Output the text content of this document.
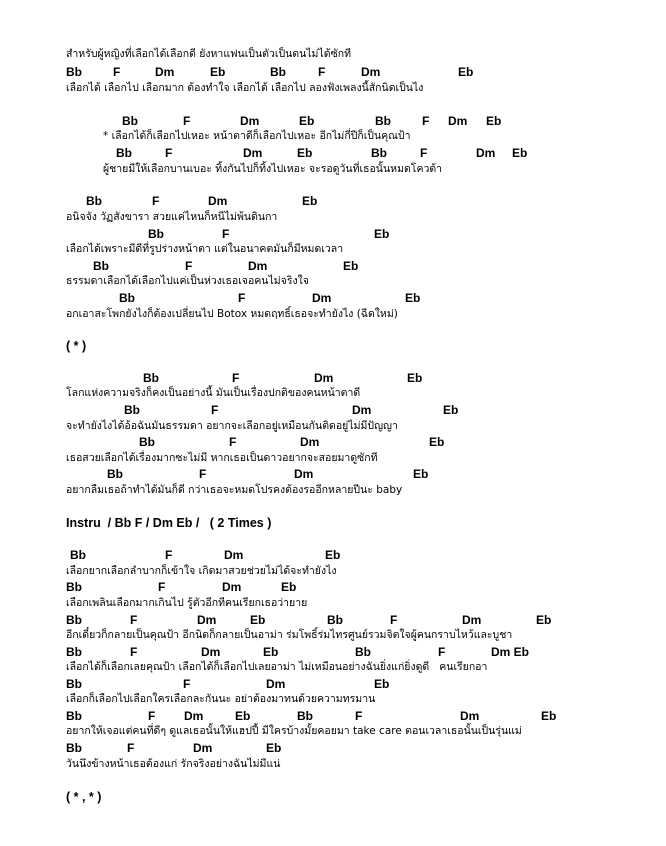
สำหรับผู้หญิงที่เลือกได้เลือกดี ยังหาแฟนเป็นตัวเป็นตนไม่ได้ซักที

Bb

	F

	Dm

	Eb

	Bb

	F

	Dm

	Eb

เลือกได้ เลือกไป เลือกมาก ต้องทำใจ เลือกได้ เลือกไป ลองฟังเพลงนี้สักนิดเป็นไง

Bb

	F

	Dm

	Eb

	Bb

	F

Dm

Eb

* เลือกได้ก็เลือกไปเหอะ หน้าตาดีก็เลือกไปเหอะ อีกไม่กี่ปีก็เป็นคุณป้า

Bb

	F

	Dm

	Eb

	Bb

	F

	Dm

Eb

ผู้ชายมีให้เลือกบานเบอะ ทิ้งกันไปก็ทิ้งไปเหอะ จะรอดูวันที่เธอนั้นหมดโควต้า

Bb

	F

	Dm

	Eb

อนิจจัง วัฏสังขารา สวยแค่ไหนก็หนีไม่พ้นดินกา

Bb

	F

	Eb

เลือกได้เพราะมีดีที่รูปร่างหน้าตา แต่ในอนาคตมันก็มีหมดเวลา

Bb

	F

	Dm

	Eb

ธรรมดาเลือกได้เลือกไปแค่เป็นห่วงเธอเจอคนไม่จริงใจ

Bb

	F

	Dm

	Eb

อกเอาสะโพกยังไงก็ต้องเปลี่ยนไป Botox หมดฤทธิ์เธอจะทำยังไง (ฉีดใหม่)
( * )

Bb

	F

	Dm

	Eb

โลกแห่งความจริงก็คงเป็นอย่างนี้ มันเป็นเรื่องปกติของคนหน้าตาดี

Bb

	F

	Dm

	Eb

จะทำยังไงได้อ้อฉันมันธรรมดา อยากจะเลือกอยู่เหมือนกันติดอยู่ไม่มีปัญญา

Bb

	F

	Dm

	Eb

เธอสวยเลือกได้เรื่องมากซะไม่มี หากเธอเป็นดาวอยากจะสอยมาดูซักที

Bb

	F

	Dm

	Eb

อยากลืมเธอถ้าทำได้มันก็ดี กว่าเธอจะหมดโปรคงต้องรออีกหลายปีนะ baby
Instru  / Bb F / Dm Eb /   ( 2 Times )

Bb

	F

	Dm

	Eb

เลือกยากเลือกลำบากก็เข้าใจ เกิดมาสวยช่วยไม่ได้จะทำยังไง

Bb

	F

	Dm

	Eb

เลือกเพลินเลือกมากเกินไป รู้ตัวอีกทีคนเรียกเธอว่ายาย

Bb

	F

	Dm

	Eb

	Bb

	F

	Dm

	Eb

อีกเดี๋ยวก็กลายเป็นคุณป้า อีกนิดก็กลายเป็นอาม่า ร่มโพธิ์ร่มไทรศูนย์รวมจิตใจผู้คนกราบไหว้และบูชา

Bb

	F

	Dm

	Eb

	Bb

	F

	Dm Eb

เลือกได้ก็เลือกเลยคุณป้า เลือกได้ก็เลือกไปเลยอาม่า ไม่เหมือนอย่างฉันยิ่งแก่ยิ่งดูดี   คนเรียกอา

Bb

	F

	Dm

	Eb

เลือกก็เลือกไปเลือกใครเลือกละกันนะ อย่าต้องมาทนด้วยความทรมาน

Bb

	F

Dm

	Eb

	Bb

	F

	Dm

	Eb

อยากให้เจอแต่คนที่ดีๆ ดูแลเธอนั้นให้แฮปปี้ มีใครบ้างมั้ยคอยมา take care ตอนเวลาเธอนั้นเป็นรุ่นแม่

Bb

	F

	Dm

	Eb

วันนึงข้างหน้าเธอต้องแก่ รักจริงอย่างฉันไม่มีแน่
( * , * )
